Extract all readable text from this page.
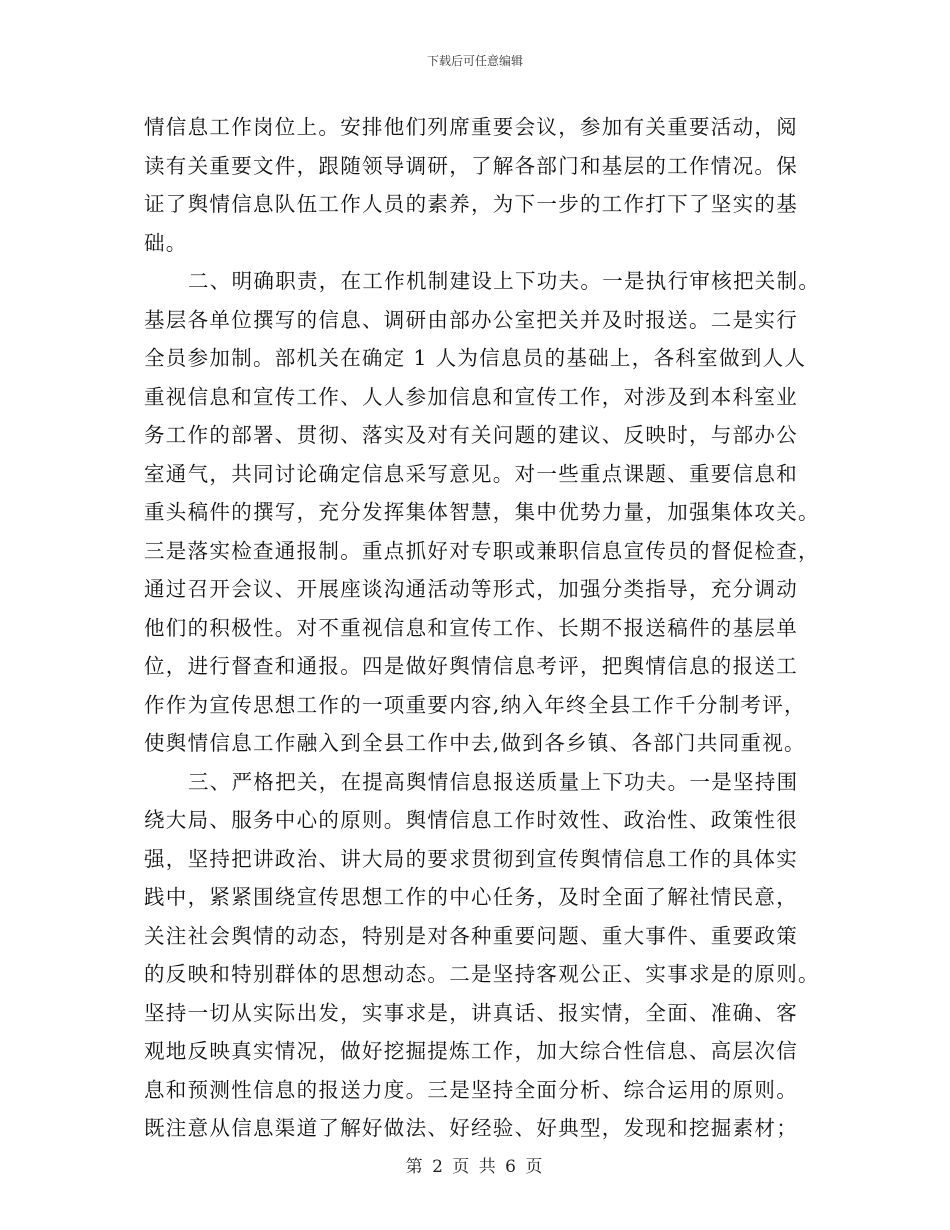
下载后可任意编辑
情信息工作岗位上。安排他们列席重要会议，参加有关重要活动，阅
读有关重要文件，跟随领导调研，了解各部门和基层的工作情况。保
证了舆情信息队伍工作人员的素养，为下一步的工作打下了坚实的基
础。
二、明确职责，在工作机制建设上下功夫。一是执行审核把关制。
基层各单位撰写的信息、调研由部办公室把关并及时报送。二是实行
全员参加制。部机关在确定 1 人为信息员的基础上，各科室做到人人
重视信息和宣传工作、人人参加信息和宣传工作，对涉及到本科室业
务工作的部署、贯彻、落实及对有关问题的建议、反映时，与部办公
室通气，共同讨论确定信息采写意见。对一些重点课题、重要信息和
重头稿件的撰写，充分发挥集体智慧，集中优势力量，加强集体攻关。
三是落实检查通报制。重点抓好对专职或兼职信息宣传员的督促检查，
通过召开会议、开展座谈沟通活动等形式，加强分类指导，充分调动
他们的积极性。对不重视信息和宣传工作、长期不报送稿件的基层单
位，进行督查和通报。四是做好舆情信息考评，把舆情信息的报送工
作作为宣传思想工作的一项重要内容,纳入年终全县工作千分制考评，
使舆情信息工作融入到全县工作中去,做到各乡镇、各部门共同重视。
三、严格把关，在提高舆情信息报送质量上下功夫。一是坚持围
绕大局、服务中心的原则。舆情信息工作时效性、政治性、政策性很
强，坚持把讲政治、讲大局的要求贯彻到宣传舆情信息工作的具体实
践中，紧紧围绕宣传思想工作的中心任务，及时全面了解社情民意，
关注社会舆情的动态，特别是对各种重要问题、重大事件、重要政策
的反映和特别群体的思想动态。二是坚持客观公正、实事求是的原则。
坚持一切从实际出发，实事求是，讲真话、报实情，全面、准确、客
观地反映真实情况，做好挖掘提炼工作，加大综合性信息、高层次信
息和预测性信息的报送力度。三是坚持全面分析、综合运用的原则。
既注意从信息渠道了解好做法、好经验、好典型，发现和挖掘素材；
第 2 页 共 6 页
